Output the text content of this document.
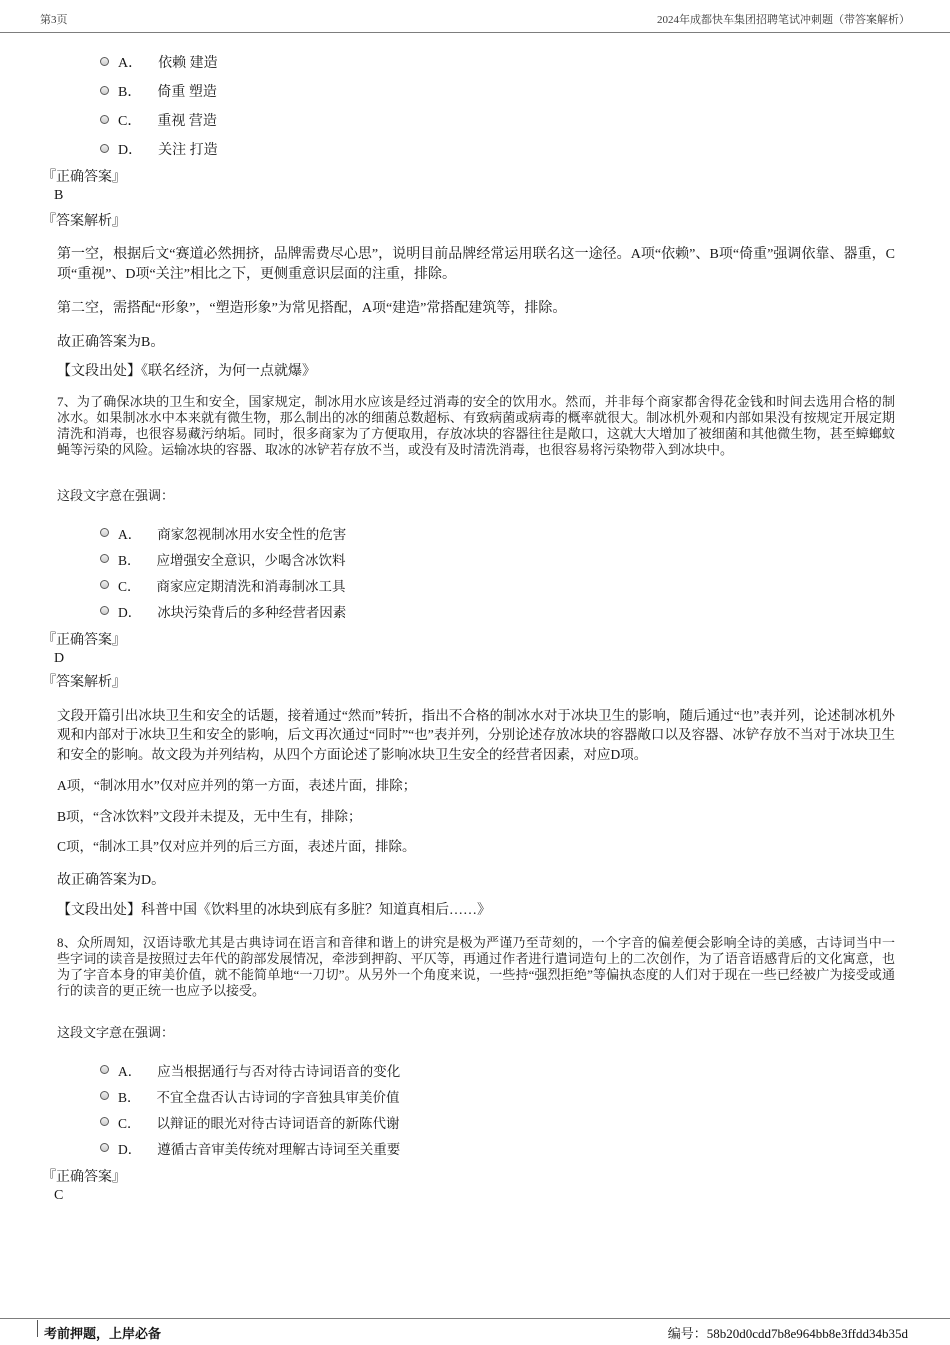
第3页	2024年成都快车集团招聘笔试冲刺题（带答案解析）
A． 依赖 建造
B． 倚重 塑造
C． 重视 营造
D． 关注 打造
『正确答案』
B
『答案解析』
第一空，根据后文“赛道必然拥挤，品牌需费尽心思”，说明目前品牌经常运用联名这一途径。A项“依赖”、B项“倚重”强调依靠、器重，C项“重视”、D项“关注”相比之下，更侧重意识层面的注重，排除。
第二空，需搭配“形象”，“塑造形象”为常见搭配，A项“建造”常搭配建筑等，排除。
故正确答案为B。
【文段出处】《联名经济，为何一点就爆》
7、为了确保冰块的卫生和安全，国家规定，制冰用水应该是经过消毒的安全的饮用水。然而，并非每个商家都舍得花金钱和时间去选用合格的制冰水。如果制冰水中本来就有微生物，那么制出的冰的细菌总数超标、有致病菌或病毒的概率就很大。制冰机外观和内部如果没有按规定开展定期清洗和消毒，也很容易藏污纳垢。同时，很多商家为了方便取用，存放冰块的容器往往是敞口，这就大大增加了被细菌和其他微生物，甚至蟑螂蚊蝇等污染的风险。运输冰块的容器、取冰的冰铲若存放不当，或没有及时清洗消毒，也很容易将污染物带入到冰块中。
这段文字意在强调：
A． 商家忽视制冰用水安全性的危害
B． 应增强安全意识，少喝含冰饮料
C． 商家应定期清洗和消毒制冰工具
D． 冰块污染背后的多种经营者因素
『正确答案』
D
『答案解析』
文段开篇引出冰块卫生和安全的话题，接着通过“然而”转折，指出不合格的制冰水对于冰块卫生的影响，随后通过“也”表并列，论述制冰机外观和内部对于冰块卫生和安全的影响，后文再次通过“同时”“也”表并列，分别论述存放冰块的容器敞口以及容器、冰铲存放不当对于冰块卫生和安全的影响。故文段为并列结构，从四个方面论述了影响冰块卫生安全的经营者因素，对应D项。
A项，“制冰用水”仅对应并列的第一方面，表述片面，排除；
B项，“含冰饮料”文段并未提及，无中生有，排除；
C项，“制冰工具”仅对应并列的后三方面，表述片面，排除。
故正确答案为D。
【文段出处】科普中国《饮料里的冰块到底有多脏？知道真相后……》
8、众所周知，汉语诗歌尤其是古典诗词在语言和音律和谐上的讲究是极为严谨乃至苛刻的，一个字音的偏差便会影响全诗的美感，古诗词当中一些字词的读音是按照过去年代的韵部发展情况，牵涉到押韵、平仄等，再通过作者进行遣词造句上的二次创作，为了语音语感背后的文化寓意，也为了字音本身的审美价值，就不能简单地“一刀切”。从另外一个角度来说，一些持“强烈拒绝”等偏执态度的人们对于现在一些已经被广为接受或通行的读音的更正统一也应予以接受。
这段文字意在强调：
A． 应当根据通行与否对待古诗词语音的变化
B． 不宜全盘否认古诗词的字音独具审美价值
C． 以辩证的眼光对待古诗词语音的新陈代谢
D． 遵循古音审美传统对理解古诗词至关重要
『正确答案』
C
考前押题，上岸必备	编号：58b20d0cdd7b8e964bb8e3ffdd34b35d
